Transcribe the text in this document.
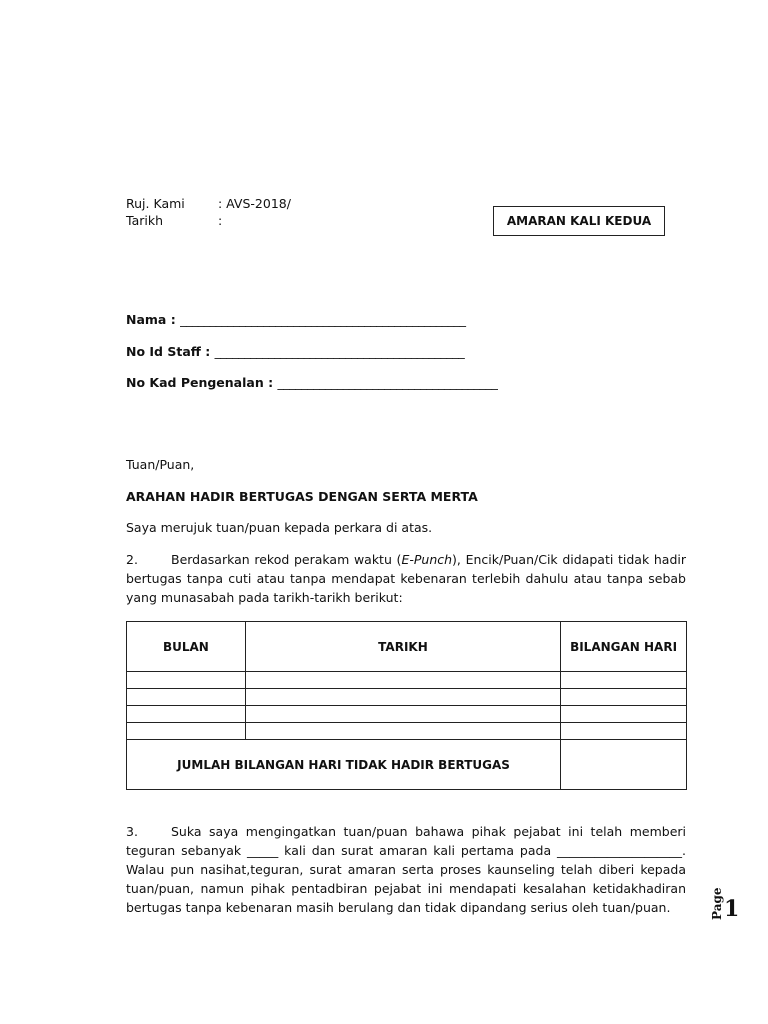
Ruj. Kami	: AVS-2018/
Tarikh	:	AMARAN KALI KEDUA
Nama : ________________________________________________
No Id Staff : __________________________________________
No Kad Pengenalan : _____________________________________
Tuan/Puan,
ARAHAN HADIR BERTUGAS DENGAN SERTA MERTA
Saya merujuk tuan/puan kepada perkara di atas.
2.	Berdasarkan rekod perakam waktu (E-Punch), Encik/Puan/Cik didapati tidak hadir bertugas tanpa cuti atau tanpa mendapat kebenaran terlebih dahulu atau tanpa sebab yang munasabah pada tarikh-tarikh berikut:
BULAN	TARIKH	BILANGAN HARI

JUMLAH BILANGAN HARI TIDAK HADIR BERTUGAS		
3.	Suka saya mengingatkan tuan/puan bahawa pihak pejabat ini telah memberi teguran sebanyak _____ kali dan surat amaran kali pertama pada ____________________. Walau pun nasihat,teguran, surat amaran serta proses kaunseling telah diberi kepada tuan/puan, namun pihak pentadbiran pejabat ini mendapati kesalahan ketidakhadiran bertugas tanpa kebenaran masih berulang dan tidak dipandang serius oleh tuan/puan.	Page 1
